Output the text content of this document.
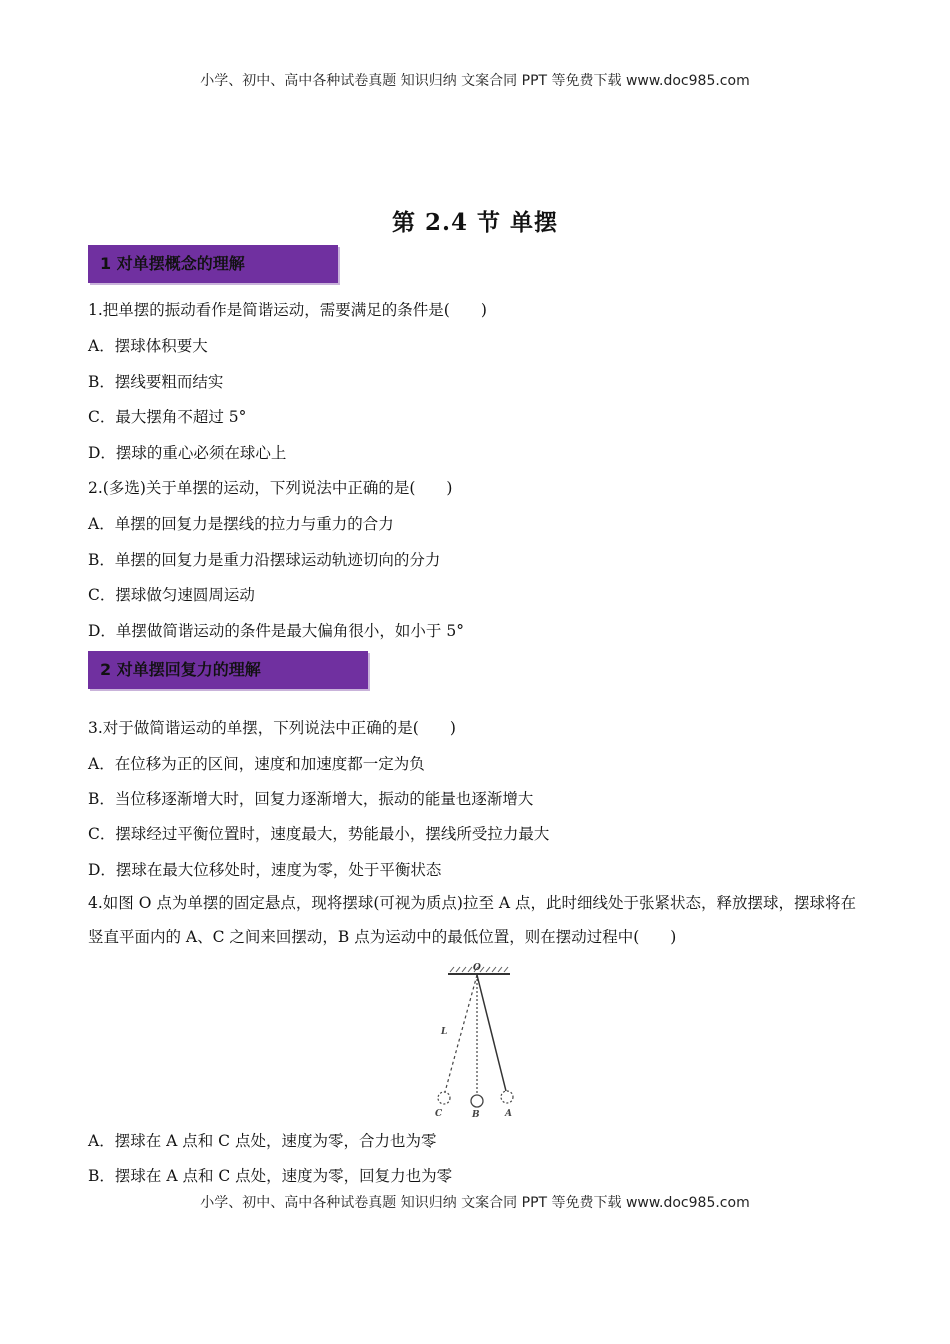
小学、初中、高中各种试卷真题 知识归纳 文案合同 PPT 等免费下载 www.doc985.com
第 2.4 节 单摆
1 对单摆概念的理解
1.把单摆的振动看作是简谐运动，需要满足的条件是(　　)
A．摆球体积要大
B．摆线要粗而结实
C．最大摆角不超过 5°
D．摆球的重心必须在球心上
2.(多选)关于单摆的运动，下列说法中正确的是(　　)
A．单摆的回复力是摆线的拉力与重力的合力
B．单摆的回复力是重力沿摆球运动轨迹切向的分力
C．摆球做匀速圆周运动
D．单摆做简谐运动的条件是最大偏角很小，如小于 5°
2 对单摆回复力的理解
3.对于做简谐运动的单摆，下列说法中正确的是(　　)
A．在位移为正的区间，速度和加速度都一定为负
B．当位移逐渐增大时，回复力逐渐增大，振动的能量也逐渐增大
C．摆球经过平衡位置时，速度最大，势能最小，摆线所受拉力最大
D．摆球在最大位移处时，速度为零，处于平衡状态
4.如图 O 点为单摆的固定悬点，现将摆球(可视为质点)拉至 A 点，此时细线处于张紧状态，释放摆球，摆球将在竖直平面内的 A、C 之间来回摆动，B 点为运动中的最低位置，则在摆动过程中(　　)
O
L
C	B	A
A．摆球在 A 点和 C 点处，速度为零，合力也为零
B．摆球在 A 点和 C 点处，速度为零，回复力也为零
小学、初中、高中各种试卷真题 知识归纳 文案合同 PPT 等免费下载 www.doc985.com
